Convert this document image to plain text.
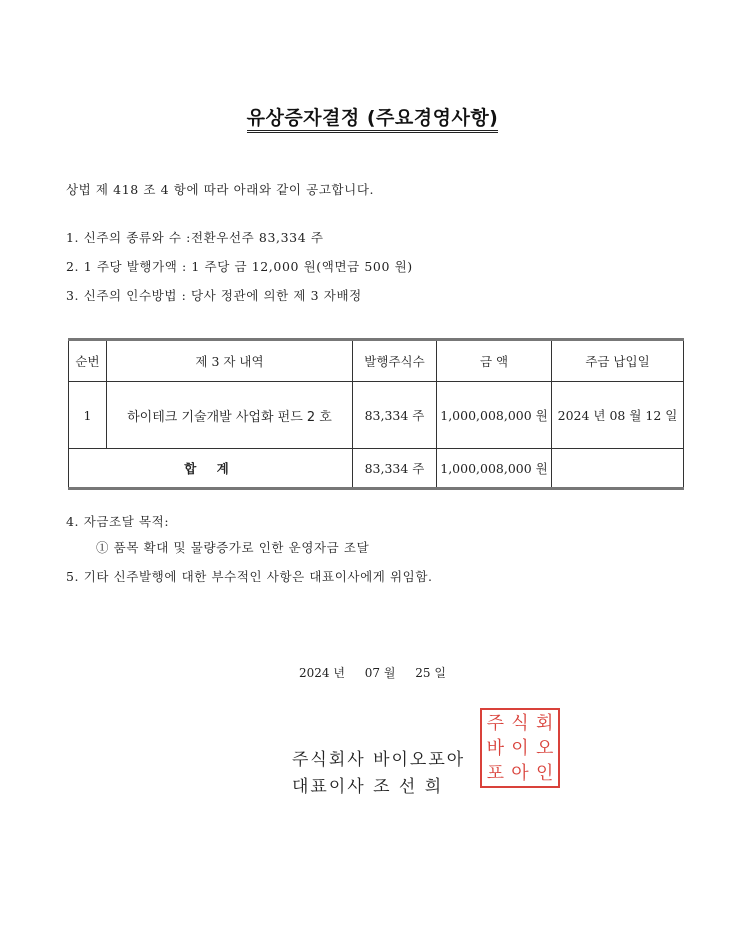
유상증자결정 (주요경영사항)
상법 제 418 조 4 항에 따라 아래와 같이 공고합니다.
1. 신주의 종류와 수 :전환우선주 83,334 주
2. 1 주당 발행가액 : 1 주당 금 12,000 원(액면금 500 원)
3. 신주의 인수방법 : 당사 정관에 의한 제 3 자배정
순번	제 3 자 내역	발행주식수	금 액	주금 납입일
1	하이테크 기술개발 사업화 펀드 2 호	83,334 주	1,000,008,000 원	2024 년 08 월 12 일
합 계		83,334 주	1,000,008,000 원	
4. 자금조달 목적:
① 품목 확대 및 물량증가로 인한 운영자금 조달
5. 기타 신주발행에 대한 부수적인 사항은 대표이사에게 위임함.
2024 년 07 월 25 일
주식회사 바이오포아
대표이사 조 선 희
주 식 회
바 이 오
포 아 인
